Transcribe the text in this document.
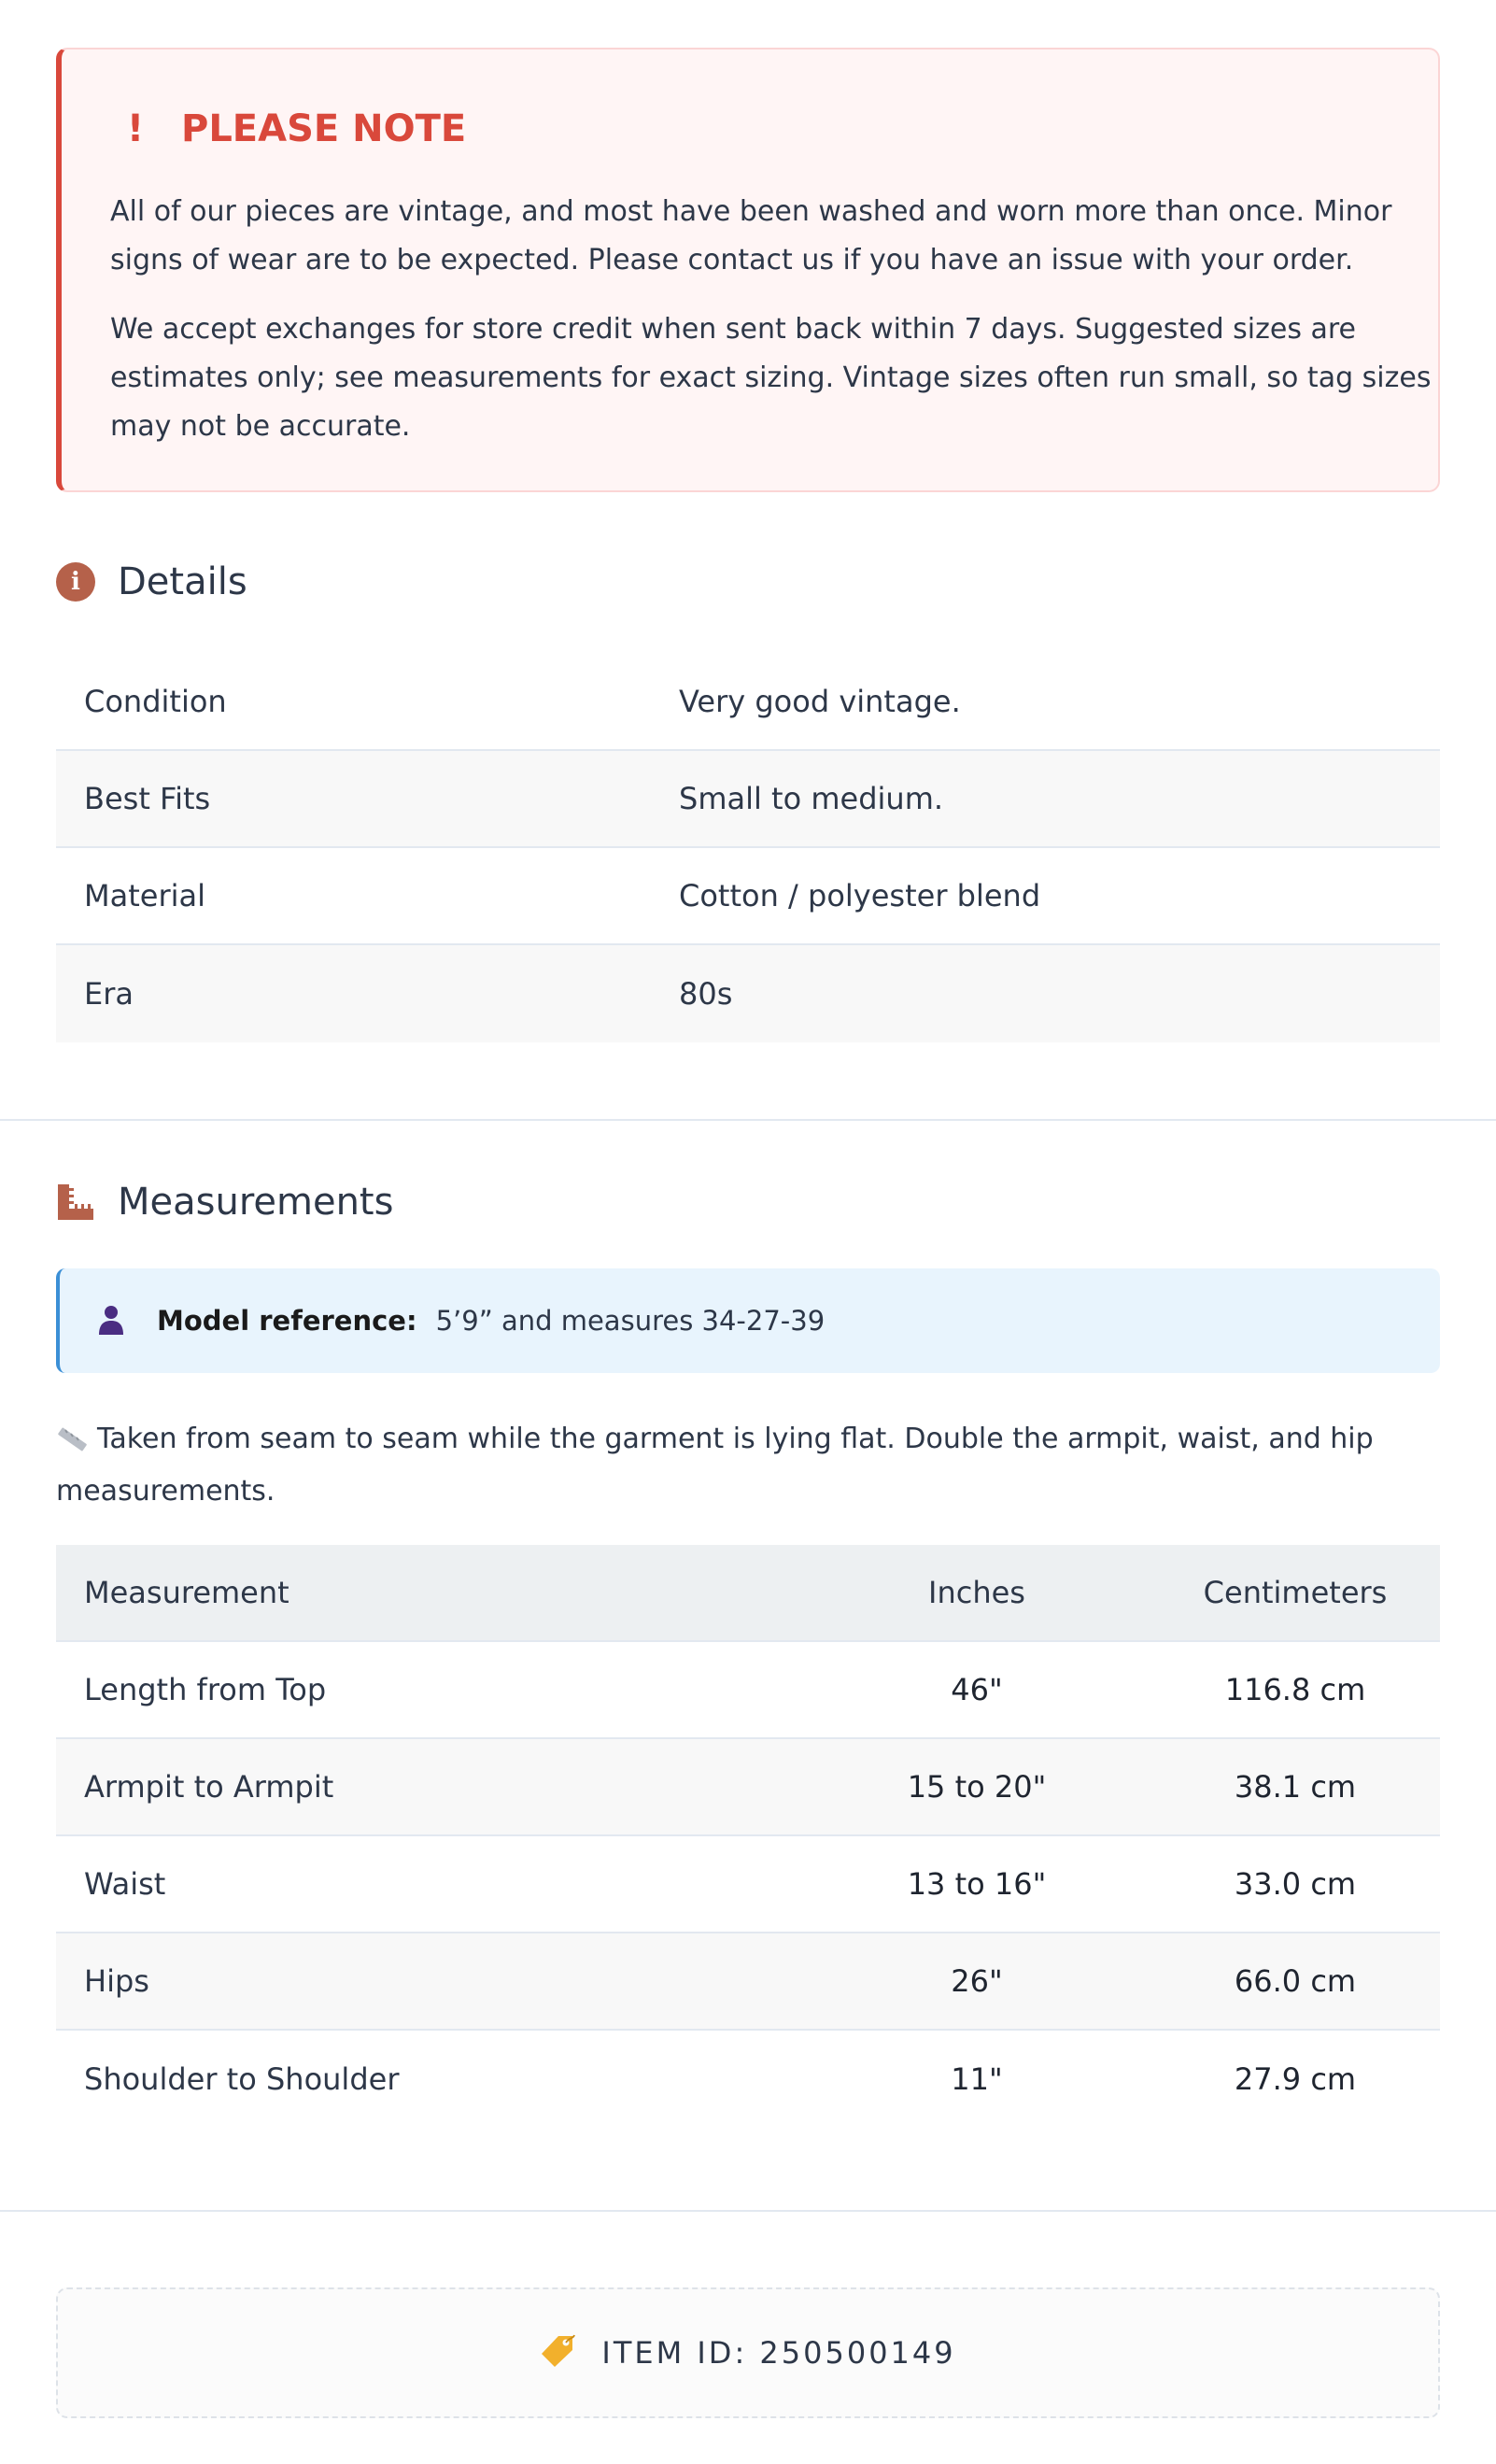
! PLEASE NOTE

All of our pieces are vintage, and most have been washed and worn more than once. Minor signs of wear are to be expected. Please contact us if you have an issue with your order.

We accept exchanges for store credit when sent back within 7 days. Suggested sizes are estimates only; see measurements for exact sizing. Vintage sizes often run small, so tag sizes may not be accurate.

i	Details
Condition	Very good vintage.
Best Fits	Small to medium.
Material	Cotton / polyester blend
Era	80s
Measurements
Model reference: 5’9” and measures 34-27-39

Taken from seam to seam while the garment is lying flat. Double the armpit, waist, and hip measurements.

Measurement	Inches	Centimeters
Length from Top	46"	116.8 cm
Armpit to Armpit	15 to 20"	38.1 cm
Waist	13 to 16"	33.0 cm
Hips	26"	66.0 cm
Shoulder to Shoulder	11"	27.9 cm
ITEM ID: 250500149
